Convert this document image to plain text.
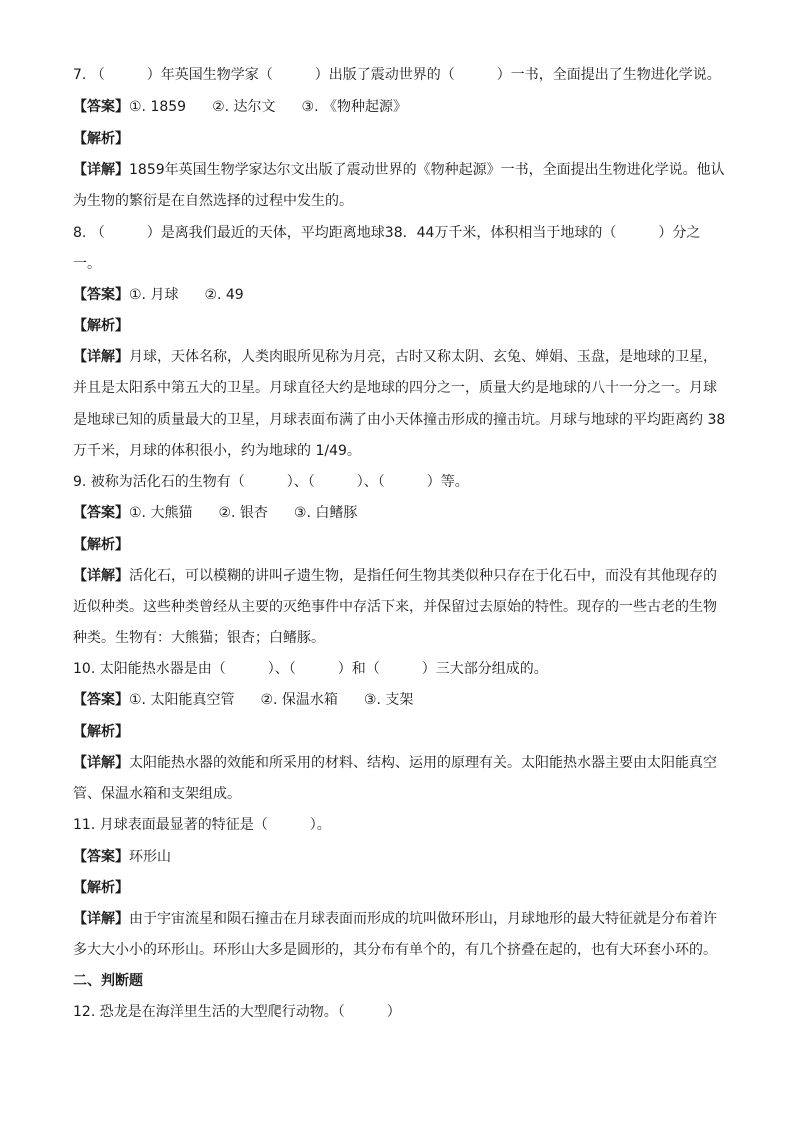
7. （　　　）年英国生物学家（　　　）出版了震动世界的（　　　）一书，全面提出了生物进化学说。
【答案】①. 1859 ②. 达尔文 ③. 《物种起源》
【解析】
【详解】1859年英国生物学家达尔文出版了震动世界的《物种起源》一书，全面提出生物进化学说。他认
为生物的繁衍是在自然选择的过程中发生的。
8. （　　　）是离我们最近的天体，平均距离地球38．44万千米，体积相当于地球的（　　　）分之
一。
【答案】①. 月球 ②. 49
【解析】
【详解】月球，天体名称，人类肉眼所见称为月亮，古时又称太阴、玄兔、婵娟、玉盘，是地球的卫星，
并且是太阳系中第五大的卫星。月球直径大约是地球的四分之一，质量大约是地球的八十一分之一。月球
是地球已知的质量最大的卫星，月球表面布满了由小天体撞击形成的撞击坑。月球与地球的平均距离约 38
万千米，月球的体积很小，约为地球的 1/49。
9. 被称为活化石的生物有（　　　）、（　　　）、（　　　）等。
【答案】①. 大熊猫 ②. 银杏 ③. 白鳍豚
【解析】
【详解】活化石，可以模糊的讲叫孑遗生物，是指任何生物其类似种只存在于化石中，而没有其他现存的
近似种类。这些种类曾经从主要的灭绝事件中存活下来，并保留过去原始的特性。现存的一些古老的生物
种类。生物有：大熊猫；银杏；白鳍豚。
10. 太阳能热水器是由（　　　）、（　　　）和（　　　）三大部分组成的。
【答案】①. 太阳能真空管 ②. 保温水箱 ③. 支架
【解析】
【详解】太阳能热水器的效能和所采用的材料、结构、运用的原理有关。太阳能热水器主要由太阳能真空
管、保温水箱和支架组成。
11. 月球表面最显著的特征是（　　　）。
【答案】环形山
【解析】
【详解】由于宇宙流星和陨石撞击在月球表面而形成的坑叫做环形山，月球地形的最大特征就是分布着许
多大大小小的环形山。环形山大多是圆形的，其分布有单个的，有几个挤叠在起的，也有大环套小环的。
二、判断题
12. 恐龙是在海洋里生活的大型爬行动物。（　　　）
